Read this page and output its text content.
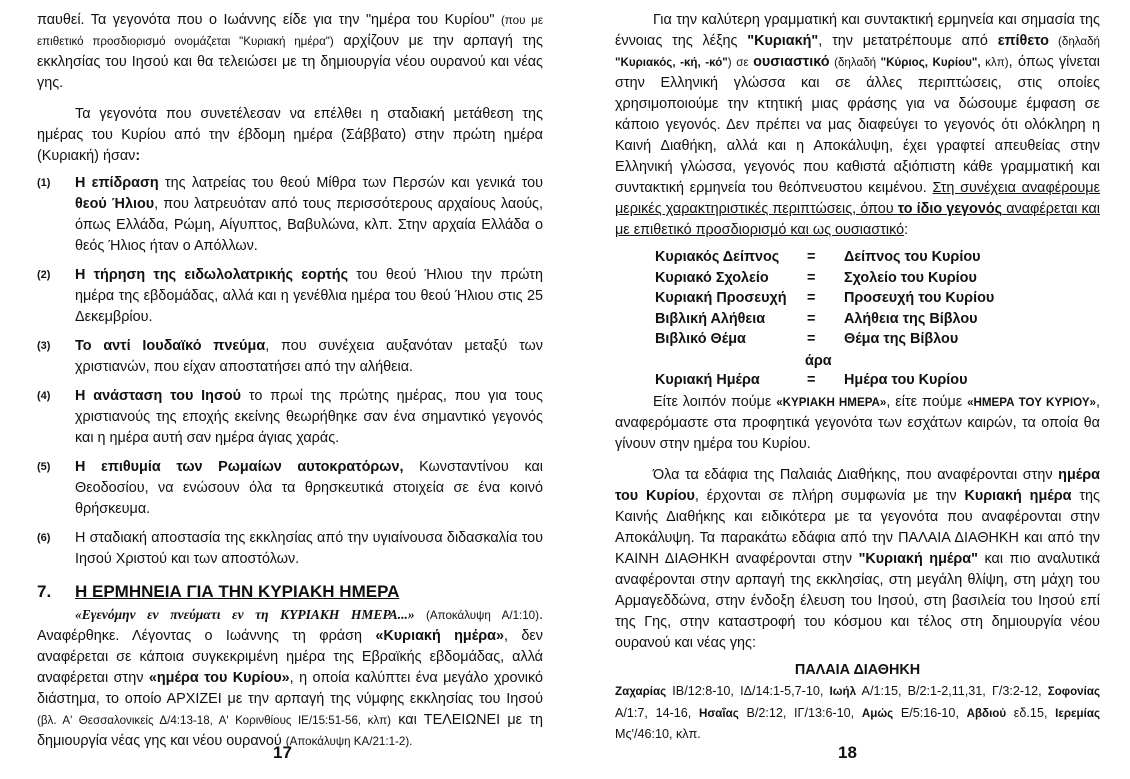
παυθεί. Τα γεγονότα που ο Ιωάννης είδε για την "ημέρα του Κυρίου" (που με επιθετικό προσδιορισμό ονομάζεται "Κυριακή ημέρα") αρχίζουν με την αρπαγή της εκκλησίας του Ιησού και θα τελειώσει με τη δημιουργία νέου ουρανού και νέας γης.

Τα γεγονότα που συνετέλεσαν να επέλθει η σταδιακή μετάθεση της ημέρας του Κυρίου από την έβδομη ημέρα (Σάββατο) στην πρώτη ημέρα (Κυριακή) ήσαν:

(1)	Η επίδραση της λατρείας του θεού Μίθρα των Περσών και γενικά του θεού Ήλιου, που λατρευόταν από τους περισσότερους αρχαίους λαούς, όπως Ελλάδα, Ρώμη, Αίγυπτος, Βαβυλώνα, κλπ. Στην αρχαία Ελλάδα ο θεός Ήλιος ήταν ο Απόλλων.

(2)	Η τήρηση της ειδωλολατρικής εορτής του θεού Ήλιου την πρώτη ημέρα της εβδομάδας, αλλά και η γενέθλια ημέρα του θεού Ήλιου στις 25 Δεκεμβρίου.

(3)	Το αντί Ιουδαϊκό πνεύμα, που συνέχεια αυξανόταν μεταξύ των χριστιανών, που είχαν αποστατήσει από την αλήθεια.

(4)	Η ανάσταση του Ιησού το πρωί της πρώτης ημέρας, που για τους χριστιανούς της εποχής εκείνης θεωρήθηκε σαν ένα σημαντικό γεγονός και η ημέρα αυτή σαν ημέρα άγιας χαράς.

(5)	Η επιθυμία των Ρωμαίων αυτοκρατόρων, Κωνσταντίνου και Θεοδοσίου, να ενώσουν όλα τα θρησκευτικά στοιχεία σε ένα κοινό θρήσκευμα.

(6)	Η σταδιακή αποστασία της εκκλησίας από την υγιαίνουσα διδασκαλία του Ιησού Χριστού και των αποστόλων.

7.	Η ΕΡΜΗΝΕΙΑ ΓΙΑ ΤΗΝ ΚΥΡΙΑΚΗ ΗΜΕΡΑ

«Εγενόμην εν πνεύματι εν τη ΚΥΡΙΑΚΗ ΗΜΕΡΑ...» (Αποκάλυψη Α/1:10). Αναφέρθηκε. Λέγοντας ο Ιωάννης τη φράση «Κυριακή ημέρα», δεν αναφέρεται σε κάποια συγκεκριμένη ημέρα της Εβραϊκής εβδομάδας, αλλά αναφέρεται στην «ημέρα του Κυρίου», η οποία καλύπτει ένα μεγάλο χρονικό διάστημα, το οποίο ΑΡΧΙΖΕΙ με την αρπαγή της νύμφης εκκλησίας του Ιησού (βλ. Α' Θεσσαλονικείς Δ/4:13-18, Α' Κορινθίους ΙΕ/15:51-56, κλπ) και ΤΕΛΕΙΩΝΕΙ με τη δημιουργία νέας γης και νέου ουρανού (Αποκάλυψη ΚΑ/21:1-2).

17

Για την καλύτερη γραμματική και συντακτική ερμηνεία και σημασία της έννοιας της λέξης "Κυριακή", την μετατρέπουμε από επίθετο (δηλαδή "Κυριακός, -κή, -κό") σε ουσιαστικό (δηλαδή "Κύριος, Κυρίου", κλπ), όπως γίνεται στην Ελληνική γλώσσα και σε άλλες περιπτώσεις, στις οποίες χρησιμοποιούμε την κτητική μιας φράσης για να δώσουμε έμφαση σε κάποιο γεγονός. Δεν πρέπει να μας διαφεύγει το γεγονός ότι ολόκληρη η Καινή Διαθήκη, αλλά και η Αποκάλυψη, έχει γραφτεί απευθείας στην Ελληνική γλώσσα, γεγονός που καθιστά αξιόπιστη κάθε γραμματική και συντακτική ερμηνεία του θεόπνευστου κειμένου. Στη συνέχεια αναφέρουμε μερικές χαρακτηριστικές περιπτώσεις, όπου το ίδιο γεγονός αναφέρεται και με επιθετικό προσδιορισμό και ως ουσιαστικό:

Κυριακός Δείπνος	=	Δείπνος του Κυρίου
Κυριακό Σχολείο	=	Σχολείο του Κυρίου
Κυριακή Προσευχή	=	Προσευχή του Κυρίου
Βιβλική Αλήθεια	=	Αλήθεια της Βίβλου
Βιβλικό Θέμα	=	Θέμα της Βίβλου
άρα
Κυριακή Ημέρα	=	Ημέρα του Κυρίου

Είτε λοιπόν πούμε «ΚΥΡΙΑΚΗ ΗΜΕΡΑ», είτε πούμε «ΗΜΕΡΑ ΤΟΥ ΚΥΡΙΟΥ», αναφερόμαστε στα προφητικά γεγονότα των εσχάτων καιρών, τα οποία θα γίνουν στην ημέρα του Κυρίου.

Όλα τα εδάφια της Παλαιάς Διαθήκης, που αναφέρονται στην ημέρα του Κυρίου, έρχονται σε πλήρη συμφωνία με την Κυριακή ημέρα της Καινής Διαθήκης και ειδικότερα με τα γεγονότα που αναφέρονται στην Αποκάλυψη. Τα παρακάτω εδάφια από την ΠΑΛΑΙΑ ΔΙΑΘΗΚΗ και από την ΚΑΙΝΗ ΔΙΑΘΗΚΗ αναφέρονται στην "Κυριακή ημέρα" και πιο αναλυτικά αναφέρονται στην αρπαγή της εκκλησίας, στη μεγάλη θλίψη, στη μάχη του Αρμαγεδδώνα, στην ένδοξη έλευση του Ιησού, στη βασιλεία του Ιησού επί της Γης, στην καταστροφή του κόσμου και τέλος στη δημιουργία νέου ουρανού και νέας γης:

ΠΑΛΑΙΑ ΔΙΑΘΗΚΗ

Ζαχαρίας ΙΒ/12:8-10, ΙΔ/14:1-5,7-10, Ιωήλ Α/1:15, Β/2:1-2,11,31, Γ/3:2-12, Σοφονίας Α/1:7, 14-16, Ησαΐας Β/2:12, ΙΓ/13:6-10, Αμώς Ε/5:16-10, Αβδιού εδ.15, Ιερεμίας Μς'/46:10, κλπ.

18
